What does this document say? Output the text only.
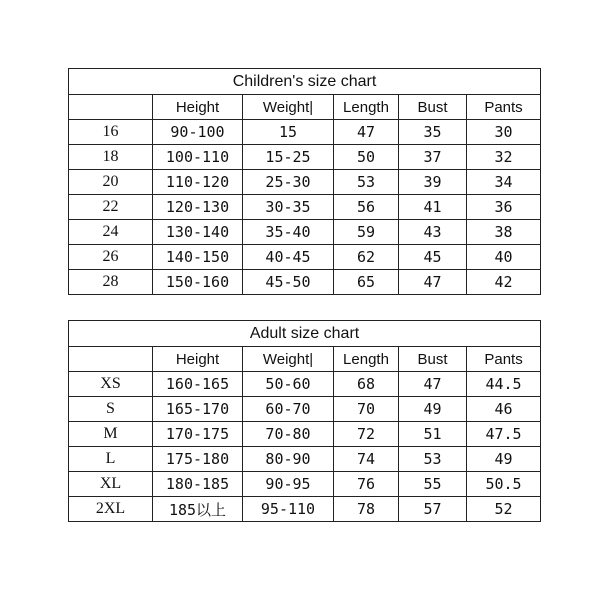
Children's size chart					
	Height	Weight|	Length	Bust	Pants
16	90-100	15	47	35	30
18	100-110	15-25	50	37	32
20	110-120	25-30	53	39	34
22	120-130	30-35	56	41	36
24	130-140	35-40	59	43	38
26	140-150	40-45	62	45	40
28	150-160	45-50	65	47	42
Adult size chart					
	Height	Weight|	Length	Bust	Pants
XS	160-165	50-60	68	47	44.5
S	165-170	60-70	70	49	46
M	170-175	70-80	72	51	47.5
L	175-180	80-90	74	53	49
XL	180-185	90-95	76	55	50.5
2XL	185以上	95-110	78	57	52
